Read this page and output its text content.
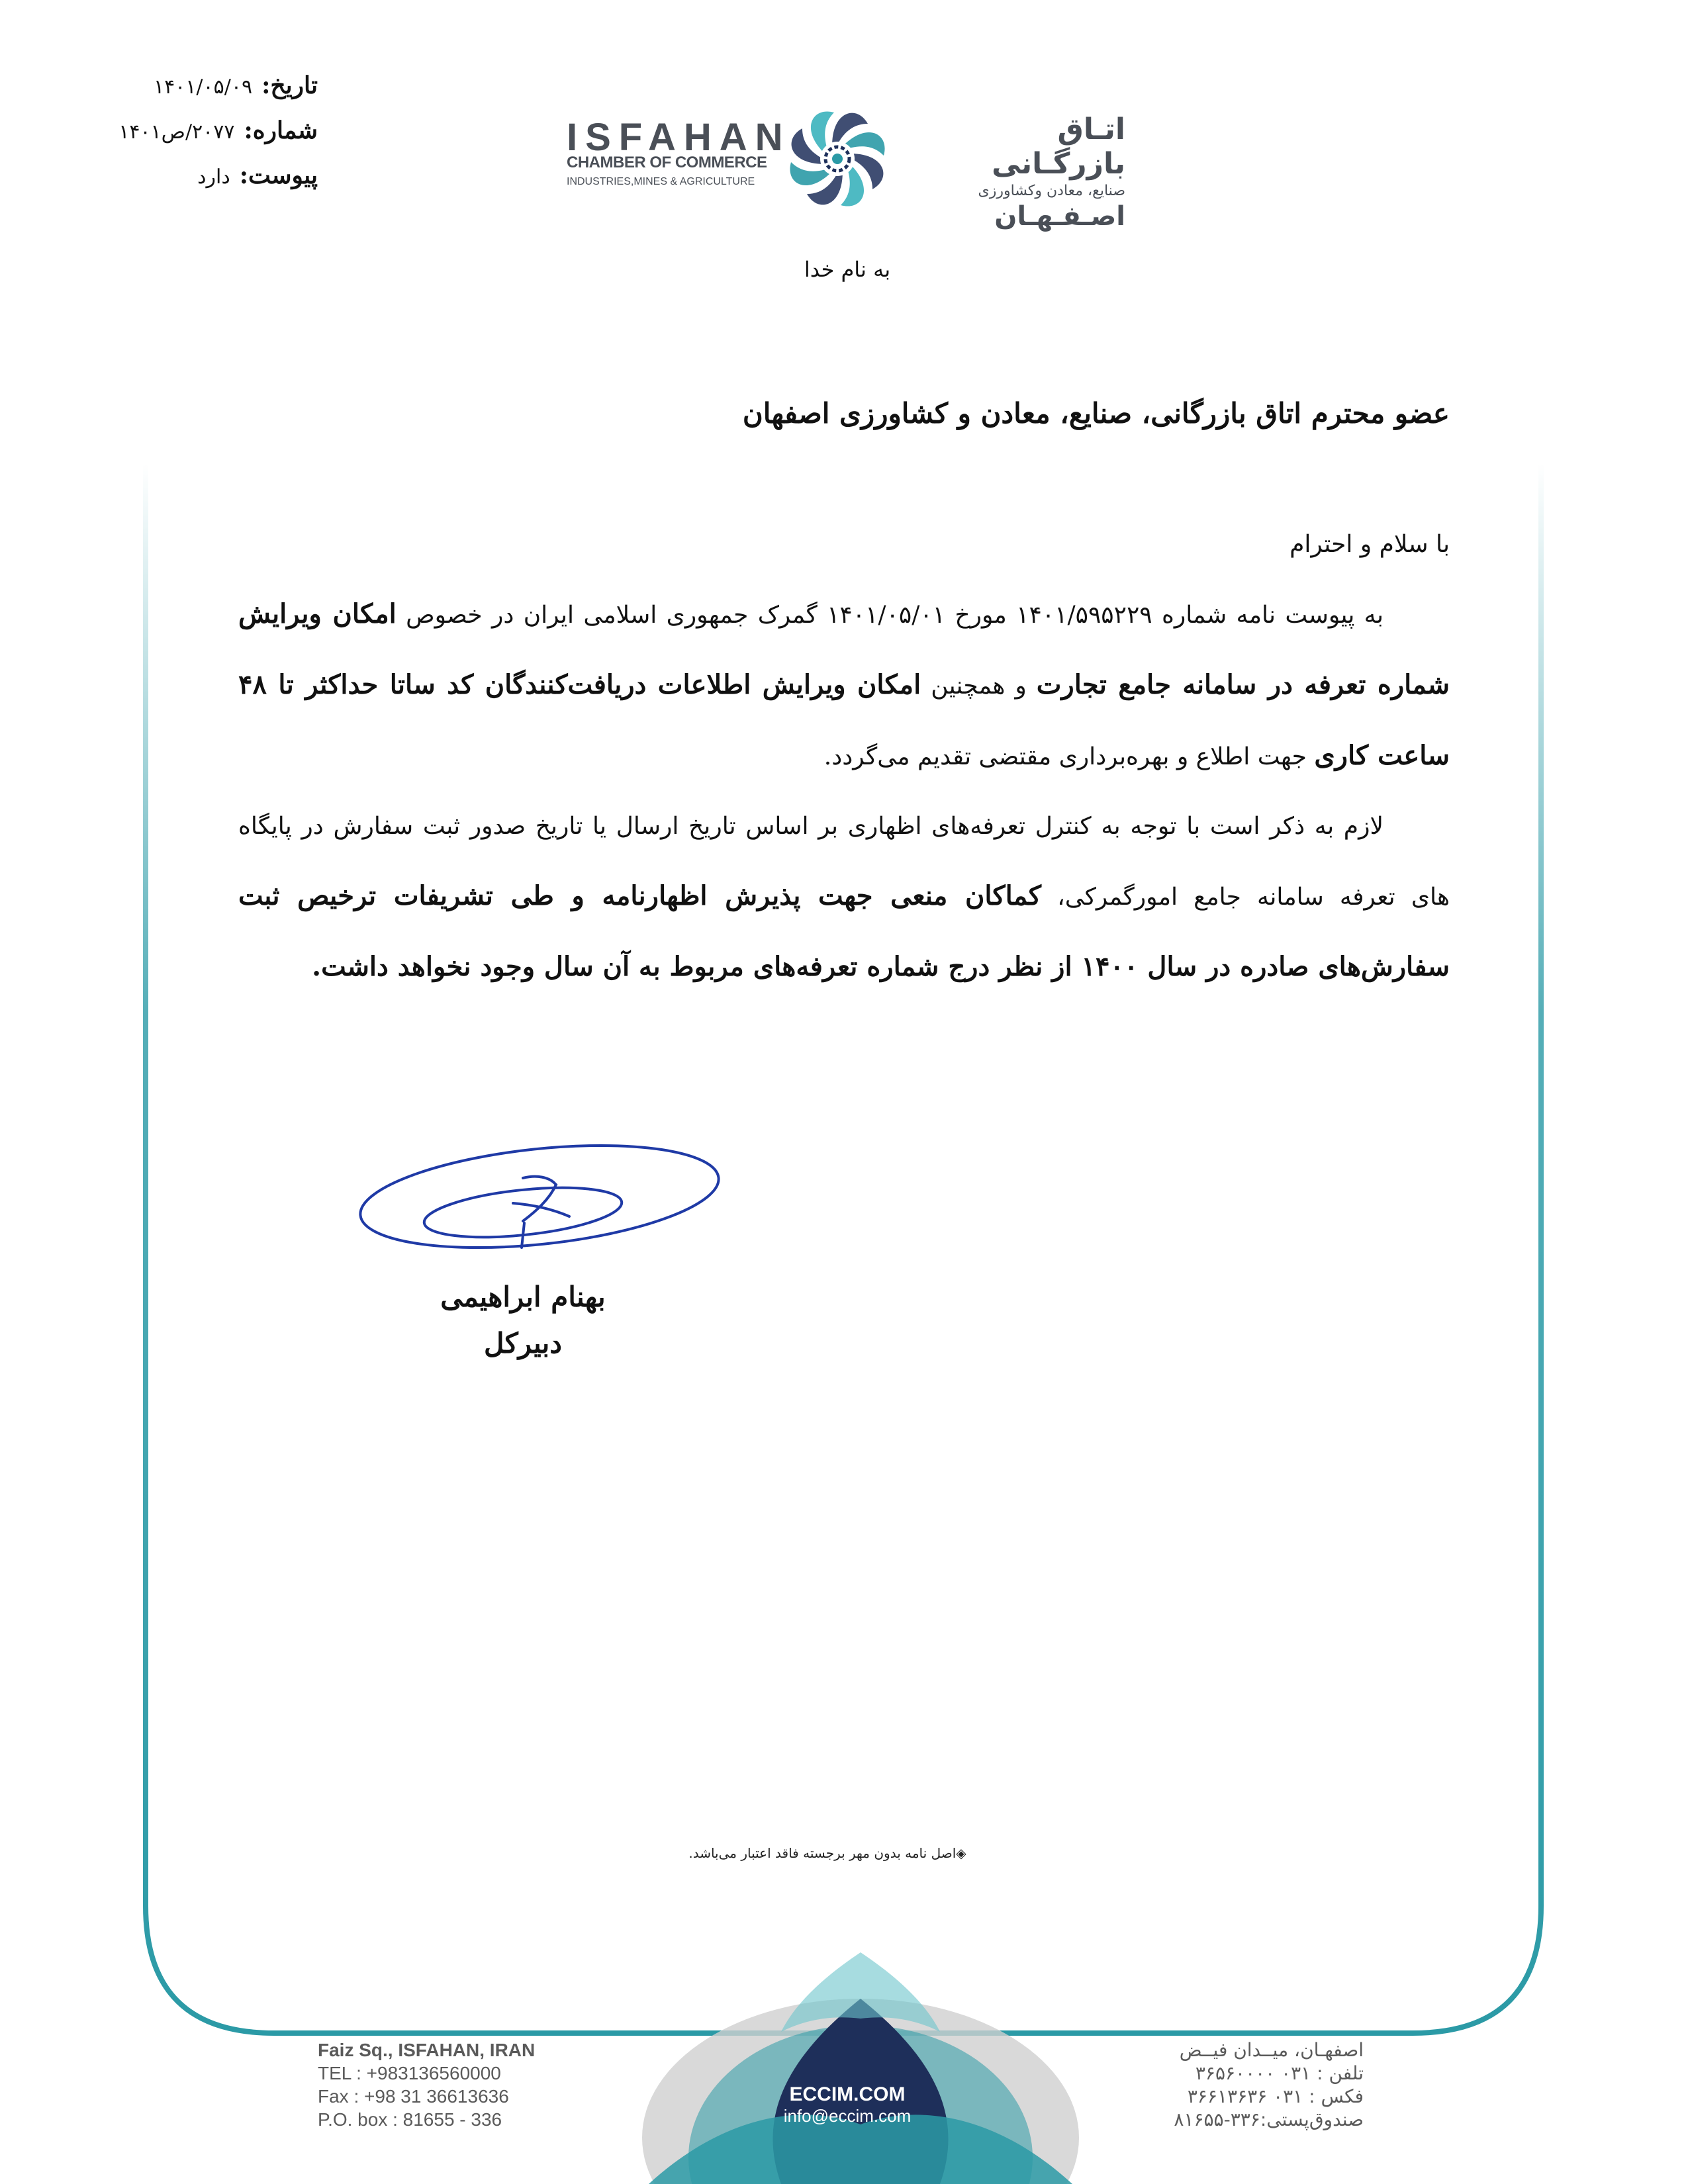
تاریخ:
۱۴۰۱/۰۵/۰۹
شماره:
۲۰۷۷/ص۱۴۰۱
پیوست:
دارد
ISFAHAN
CHAMBER OF COMMERCE
INDUSTRIES,MINES & AGRICULTURE
اتـاق بازرگـانی
صنایع، معادن وکشاورزی
اصـفـهـان
به نام خدا
عضو محترم اتاق بازرگانی، صنایع، معادن و کشاورزی اصفهان

با سلام و احترام

به پیوست نامه شماره ۱۴۰۱/۵۹۵۲۲۹ مورخ ۱۴۰۱/۰۵/۰۱ گمرک جمهوری اسلامی ایران در خصوص امکان ویرایش شماره تعرفه در سامانه جامع تجارت و همچنین امکان ویرایش اطلاعات دریافت‌کنندگان کد ساتا حداکثر تا ۴۸ ساعت کاری جهت اطلاع و بهره‌برداری مقتضی تقدیم می‌گردد.

لازم به ذکر است با توجه به کنترل تعرفه‌های اظهاری بر اساس تاریخ ارسال یا تاریخ صدور ثبت سفارش در پایگاه های تعرفه سامانه جامع امورگمرکی، کماکان منعی جهت پذیرش اظهارنامه و طی تشریفات ترخیص ثبت سفارش‌های صادره در سال ۱۴۰۰ از نظر درج شماره تعرفه‌های مربوط به آن سال وجود نخواهد داشت.

بهنام ابراهیمی
دبیرکل
◈اصل نامه بدون مهر برجسته فاقد اعتبار می‌باشد.
Faiz Sq., ISFAHAN, IRAN
TEL : +983136560000
Fax : +98 31 36613636
P.O. box : 81655 - 336
ECCIM.COM
info@eccim.com
اصفهـان، میــدان فیــض
تلفن : ۰۳۱ ۳۶۵۶۰۰۰۰
فکس : ۰۳۱ ۳۶۶۱۳۶۳۶
صندوق‌پستی:۳۳۶-۸۱۶۵۵
